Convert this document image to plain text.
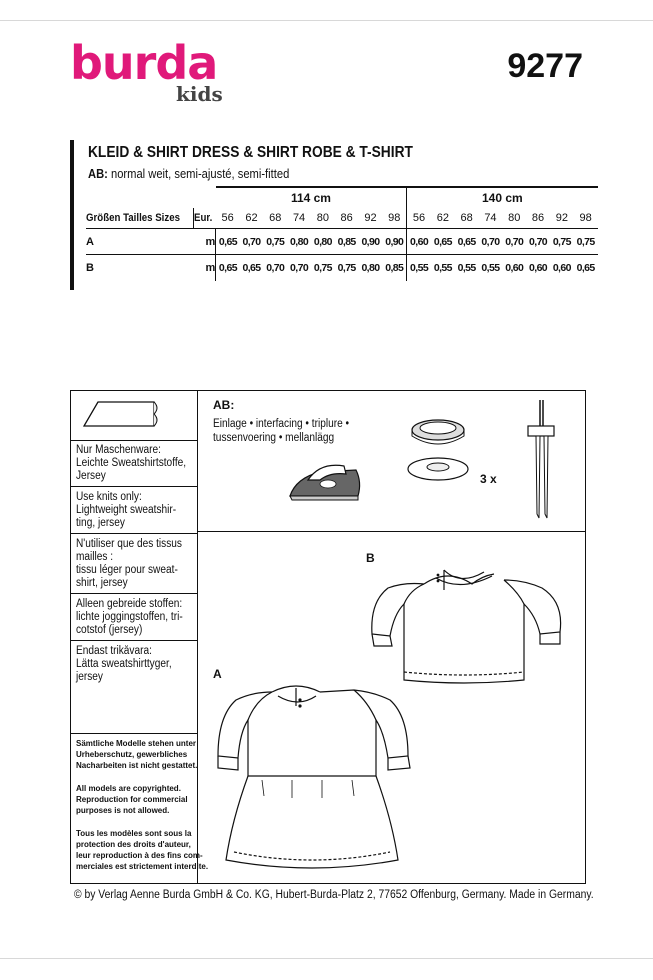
burda
kids
9277
KLEID & SHIRT DRESS & SHIRT ROBE & T-SHIRT
AB: normal weit, semi-ajusté, semi-fitted
		114 cm								140 cm							
Größen Tailles Sizes	Eur.	56	62	68	74	80	86	92	98	56	62	68	74	80	86	92	98
A	m	0,65	0,70	0,75	0,80	0,80	0,85	0,90	0,90	0,60	0,65	0,65	0,70	0,70	0,70	0,75	0,75
B	m	0,65	0,65	0,70	0,70	0,75	0,75	0,80	0,85	0,55	0,55	0,55	0,55	0,60	0,60	0,60	0,65
Nur Maschenware:
Leichte Sweatshirtstoffe,
Jersey
Use knits only:
Lightweight sweatshir-
ting, jersey
N'utiliser que des tissus
mailles :
tissu léger pour sweat-
shirt, jersey
Alleen gebreide stoffen:
lichte joggingstoffen, tri-
cotstof (jersey)
Endast trikåvara:
Lätta sweatshirttyger,
jersey
Sämtliche Modelle stehen unter
Urheberschutz, gewerbliches
Nacharbeiten ist nicht gestattet.
All models are copyrighted.
Reproduction for commercial
purposes is not allowed.
Tous les modèles sont sous la
protection des droits d'auteur,
leur reproduction à des fins com-
merciales est strictement interdite.
AB:
Einlage • interfacing • triplure •
tussenvoering • mellanlägg
3 x
B
A
© by Verlag Aenne Burda GmbH & Co. KG, Hubert-Burda-Platz 2, 77652 Offenburg, Germany. Made in Germany.
